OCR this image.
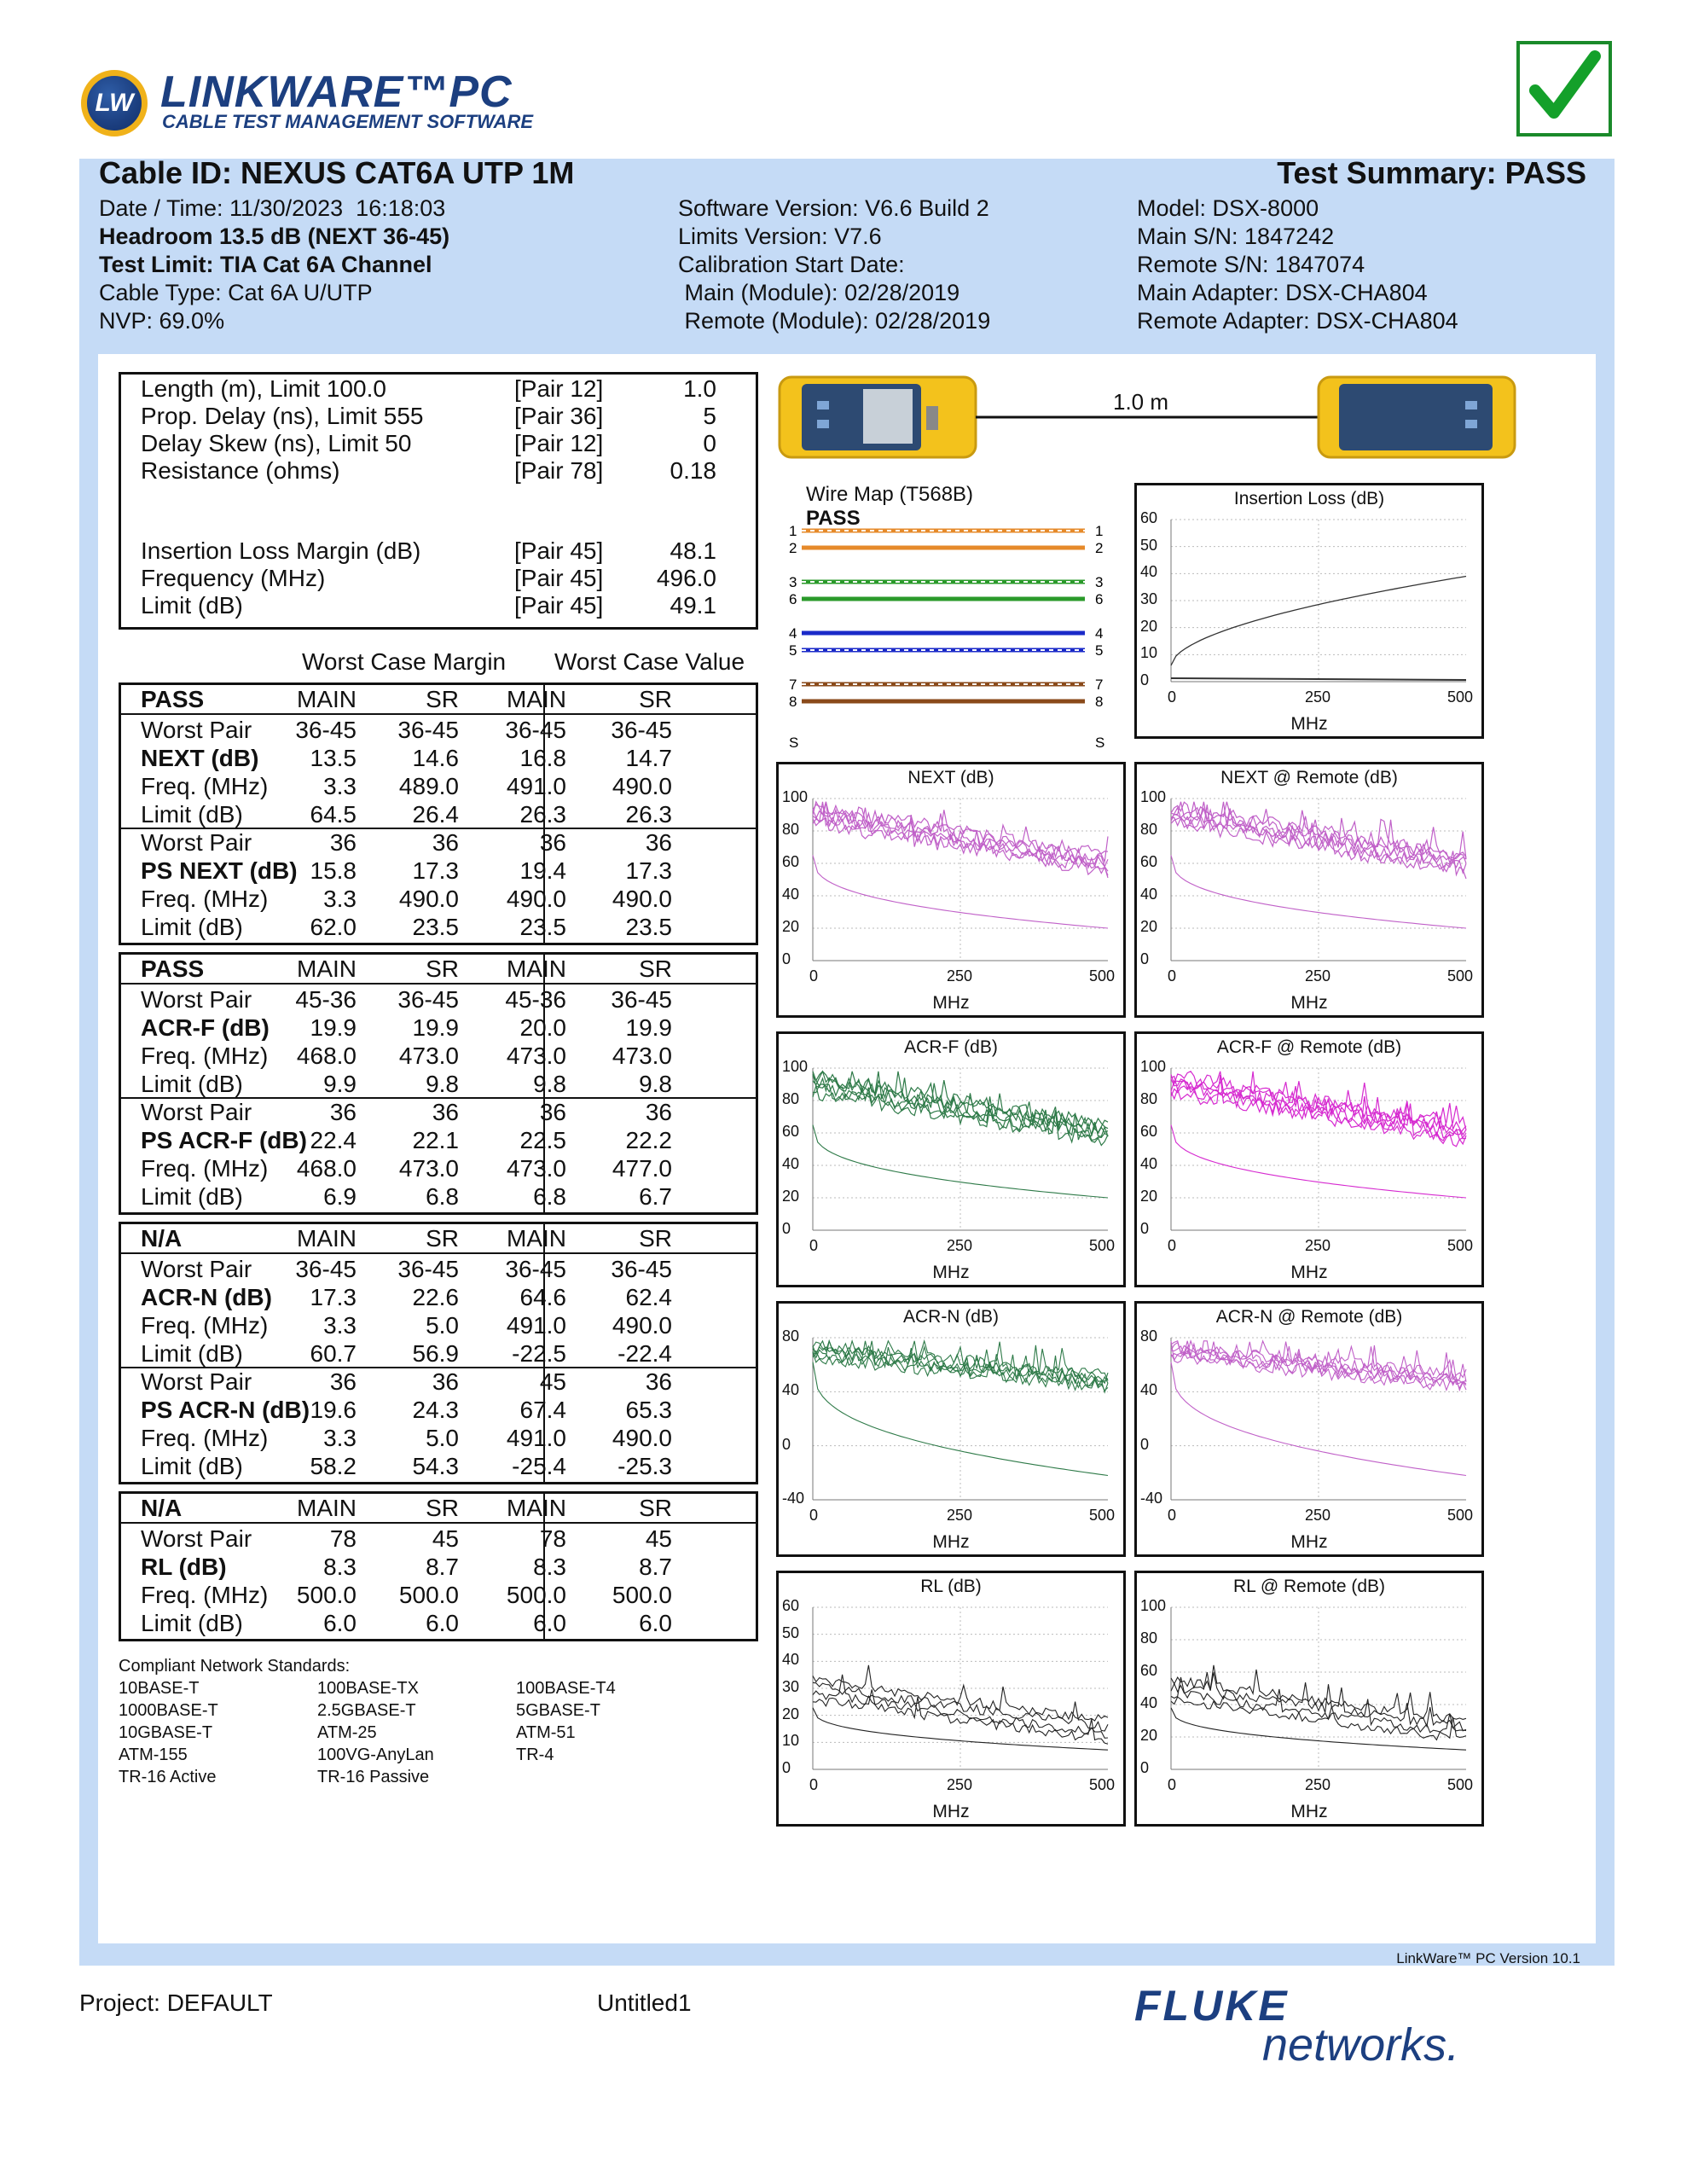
LW LINKWARE™PC
CABLE TEST MANAGEMENT SOFTWARE
Cable ID: NEXUS CAT6A UTP 1M	Test Summary: PASS
Date / Time: 11/30/2023  16:18:03
Headroom 13.5 dB (NEXT 36-45)
Test Limit: TIA Cat 6A Channel
Cable Type: Cat 6A U/UTP
NVP: 69.0%
Software Version: V6.6 Build 2
Limits Version: V7.6
Calibration Start Date:
Main (Module): 02/28/2019
Remote (Module): 02/28/2019
Model: DSX-8000
Main S/N: 1847242
Remote S/N: 1847074
Main Adapter: DSX-CHA804
Remote Adapter: DSX-CHA804
Length (m), Limit 100.0	[Pair 12]	1.0
Prop. Delay (ns), Limit 555	[Pair 36]	5
Delay Skew (ns), Limit 50	[Pair 12]	0
Resistance (ohms)	[Pair 78]	0.18
Insertion Loss Margin (dB)	[Pair 45]	48.1
Frequency (MHz)	[Pair 45]	496.0
Limit (dB)	[Pair 45]	49.1
Worst Case Margin Worst Case Value
PASS	MAIN	SR	MAIN	SR
Worst Pair	36-45	36-45	36-45	36-45
NEXT (dB)	13.5	14.6	16.8	14.7
Freq. (MHz)	3.3	489.0	491.0	490.0
Limit (dB)	64.5	26.4	26.3	26.3
Worst Pair	36	36	36	36
PS NEXT (dB) 15.8	17.3	19.4	17.3
Freq. (MHz)	3.3	490.0	490.0	490.0
Limit (dB)	62.0	23.5	23.5	23.5
PASS	MAIN	SR	MAIN	SR
Worst Pair	45-36	36-45	45-36	36-45
ACR-F (dB)	19.9	19.9	20.0	19.9
Freq. (MHz)	468.0	473.0	473.0	473.0
Limit (dB)	9.9	9.8	9.8	9.8
Worst Pair	36	36	36	36
PS ACR-F (dB) 22.4	22.1	22.5	22.2
Freq. (MHz)	468.0	473.0	473.0	477.0
Limit (dB)	6.9	6.8	6.8	6.7
N/A	MAIN	SR	MAIN	SR
Worst Pair	36-45	36-45	36-45	36-45
ACR-N (dB)	17.3	22.6	64.6	62.4
Freq. (MHz)	3.3	5.0	491.0	490.0
Limit (dB)	60.7	56.9	-22.5	-22.4
Worst Pair	36	36	45	36
PS ACR-N (dB) 19.6	24.3	67.4	65.3
Freq. (MHz)	3.3	5.0	491.0	490.0
Limit (dB)	58.2	54.3	-25.4	-25.3
N/A	MAIN	SR	MAIN	SR
Worst Pair	78	45	78	45
RL (dB)	8.3	8.7	8.3	8.7
Freq. (MHz)	500.0	500.0	500.0	500.0
Limit (dB)	6.0	6.0	6.0	6.0
Compliant Network Standards:
10BASE-T	100BASE-TX	100BASE-T4
1000BASE-T	2.5GBASE-T	5GBASE-T
10GBASE-T	ATM-25	ATM-51
ATM-155	100VG-AnyLan	TR-4
TR-16 Active	TR-16 Passive
1.0 m
Wire Map (T568B)
PASS
1	1
2	2
3	3
6	6
4	4
5	5
7	7
8	8
S	S
Insertion Loss (dB)
MHz
60
50
40
30
20
10
0
0	250	500
NEXT (dB)
MHz
100
80
60
40
20
0
0	250	500
NEXT @ Remote (dB)
MHz
100
80
60
40
20
0
0	250	500
ACR-F (dB)
MHz
100
80
60
40
20
0
0	250	500
ACR-F @ Remote (dB)
MHz
100
80
60
40
20
0
0	250	500
ACR-N (dB)
MHz
80
40
0
-40
0	250	500
ACR-N @ Remote (dB)
MHz
80
40
0
-40
0	250	500
RL (dB)
MHz
60
50
40
30
20
10
0
0	250	500
RL @ Remote (dB)
MHz
100
80
60
40
20
0
0	250	500
LinkWare™ PC Version 10.1
Project: DEFAULT	Untitled1	FLUKE
networks.
